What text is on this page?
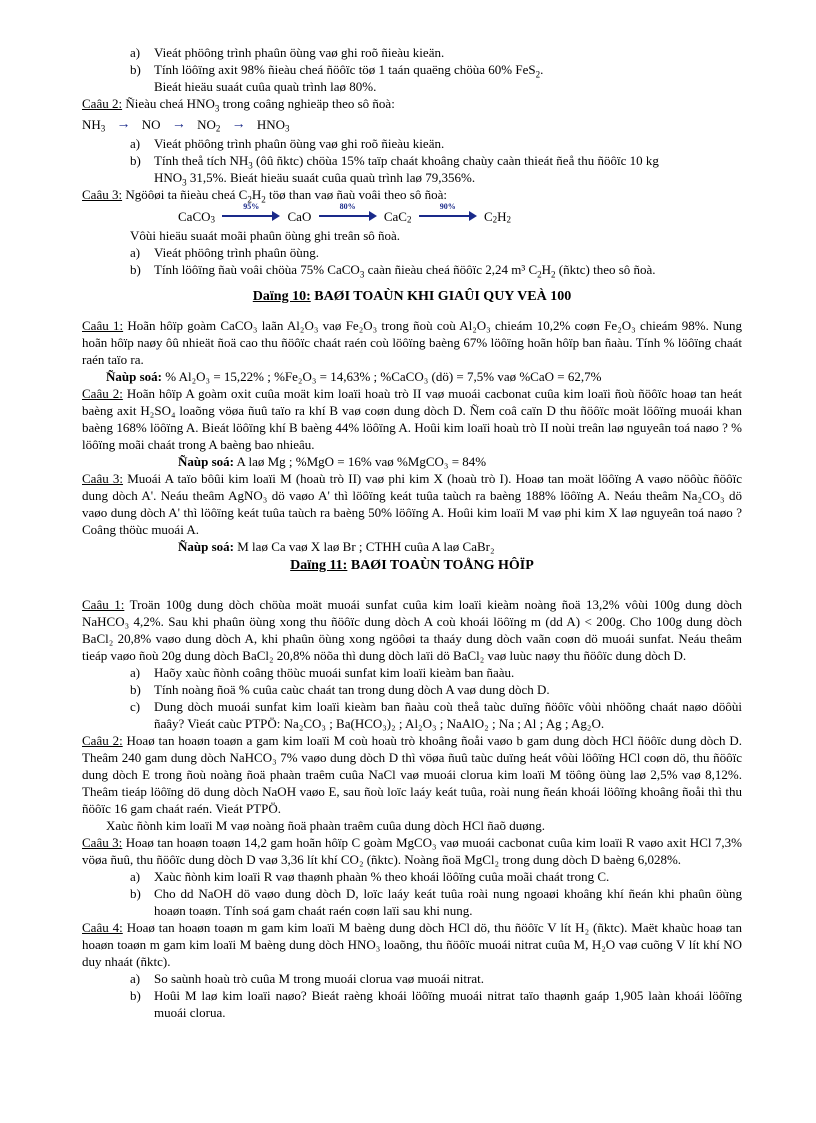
a) Vieát phöông trình phaûn öùng vaø ghi roõ ñieàu kieän.
b) Tính löôïng axit 98% ñieàu cheá ñöôïc töø 1 taán quaëng chöùa 60% FeS$_2$.
Bieát hieäu suaát cuûa quaù trình laø 80%.

Caâu 2: Ñieàu cheá $HNO_3$ trong coâng nghieäp theo sô ñoà:

$NH_3$ → NO → $NO_2 \to HNO_3$
a) Vieát phöông trình phaûn öùng vaø ghi roõ ñieàu kieän.
b) Tính theå tích $NH_3$ (ôû ñktc) chöùa 15% taïp chaát khoâng chaùy caàn thieát ñeå thu ñöôïc 10 kg
$HNO_3$ 31,5%. Bieát hieäu suaát cuûa quaù trình laø 79,356%.

Caâu 3: Ngöôøi ta ñieàu cheá $C_2H_2$ töø than vaø ñaù voâi theo sô ñoà:

CaCO$_3$
95%
CaO
80%
CaC$_2$
90%
$C_2H_2$

Vôùi hieäu suaát moãi phaûn öùng ghi treân sô ñoà.

a) Vieát phöông trình phaûn öùng.
b) Tính löôïng ñaù voâi chöùa 75% CaCO$_3$ caàn ñieàu cheá ñöôïc 2,24 m³ $C_2H_2$ (ñktc) theo sô ñoà.
Daïng 10: BAØI TOAÙN KHI GIAÛI QUY VEÀ 100

Caâu 1: Hoãn hôïp goàm CaCO₃ laãn Al₂O₃ vaø Fe₂O₃ trong ñoù coù Al₂O₃ chieám 10,2% coøn Fe₂O₃ chieám 98%. Nung hoãn hôïp naøy ôû nhieät ñoä cao thu ñöôïc chaát raén coù löôïng baèng 67% löôïng hoãn hôïp ban ñaàu. Tính % löôïng chaát raén taïo ra.

Ñaùp soá: % Al₂O₃ = 15,22% ; %Fe₂O₃ = 14,63% ; %CaCO₃ (dö) = 7,5% vaø %CaO = 62,7%

Caâu 2: Hoãn hôïp A goàm oxit cuûa moät kim loaïi hoaù trò II vaø muoái cacbonat cuûa kim loaïi ñoù ñöôïc hoaø tan heát baèng axit H₂SO₄ loaõng vöøa ñuû taïo ra khí B vaø coøn dung dòch D. Ñem coâ caïn D thu ñöôïc moät löôïng muoái khan baèng 168% löôïng A. Bieát löôïng khí B baèng 44% löôïng A. Hoûi kim loaïi hoaù trò II noùi treân laø nguyeân toá naøo ? % löôïng moãi chaát trong A baèng bao nhieâu.

Ñaùp soá: A laø Mg ; %MgO = 16% vaø %MgCO₃ = 84%

Caâu 3: Muoái A taïo bôûi kim loaïi M (hoaù trò II) vaø phi kim X (hoaù trò I). Hoaø tan moät löôïng A vaøo nöôùc ñöôïc dung dòch A'. Neáu theâm AgNO₃ dö vaøo A' thì löôïng keát tuûa taùch ra baèng 188% löôïng A. Neáu theâm Na₂CO₃ dö vaøo dung dòch A' thì löôïng keát tuûa taùch ra baèng 50% löôïng A. Hoûi kim loaïi M vaø phi kim X laø nguyeân toá naøo ? Coâng thöùc muoái A.

Ñaùp soá: M laø Ca vaø X laø Br ; CTHH cuûa A laø CaBr₂

Daïng 11: BAØI TOAÙN TOÅNG HÔÏP

Caâu 1: Troän 100g dung dòch chöùa moät muoái sunfat cuûa kim loaïi kieàm noàng ñoä 13,2% vôùi 100g dung dòch NaHCO₃ 4,2%. Sau khi phaûn öùng xong thu ñöôïc dung dòch A coù khoái löôïng m (dd A) < 200g. Cho 100g dung dòch BaCl₂ 20,8% vaøo dung dòch A, khi phaûn öùng xong ngöôøi ta thaáy dung dòch vaãn coøn dö muoái sunfat. Neáu theâm tieáp vaøo ñoù 20g dung dòch BaCl₂ 20,8% nöõa thì dung dòch laïi dö BaCl₂ vaø luùc naøy thu ñöôïc dung dòch D.

a) Haõy xaùc ñònh coâng thöùc muoái sunfat kim loaïi kieàm ban ñaàu.
b) Tính noàng ñoä % cuûa caùc chaát tan trong dung dòch A vaø dung dòch D.
c) Dung dòch muoái sunfat kim loaïi kieàm ban ñaàu coù theå taùc duïng ñöôïc vôùi nhöõng chaát naøo döôùi ñaây? Vieát caùc PTPÖ: Na₂CO₃ ; Ba(HCO₃)₂ ; Al₂O₃ ; NaAlO₂ ; Na ; Al ; Ag ; Ag₂O.

Caâu 2: Hoaø tan hoaøn toaøn a gam kim loaïi M coù hoaù trò khoâng ñoåi vaøo b gam dung dòch HCl ñöôïc dung dòch D. Theâm 240 gam dung dòch NaHCO₃ 7% vaøo dung dòch D thì vöøa ñuû taùc duïng heát vôùi löôïng HCl coøn dö, thu ñöôïc dung dòch E trong ñoù noàng ñoä phaàn traêm cuûa NaCl vaø muoái clorua kim loaïi M töông öùng laø 2,5% vaø 8,12%. Theâm tieáp löôïng dö dung dòch NaOH vaøo E, sau ñoù loïc laáy keát tuûa, roài nung ñeán khoái löôïng khoâng ñoåi thì thu ñöôïc 16 gam chaát raén. Vieát PTPÖ.

Xaùc ñònh kim loaïi M vaø noàng ñoä phaàn traêm cuûa dung dòch HCl ñaõ duøng.

Caâu 3: Hoaø tan hoaøn toaøn 14,2 gam hoãn hôïp C goàm MgCO₃ vaø muoái cacbonat cuûa kim loaïi R vaøo axit HCl 7,3% vöøa ñuû, thu ñöôïc dung dòch D vaø 3,36 lít khí CO₂ (ñktc). Noàng ñoä MgCl₂ trong dung dòch D baèng 6,028%.

a) Xaùc ñònh kim loaïi R vaø thaønh phaàn % theo khoái löôïng cuûa moãi chaát trong C.
b) Cho dd NaOH dö vaøo dung dòch D, loïc laáy keát tuûa roài nung ngoaøi khoâng khí ñeán khi phaûn öùng hoaøn toaøn. Tính soá gam chaát raén coøn laïi sau khi nung.

Caâu 4: Hoaø tan hoaøn toaøn m gam kim loaïi M baèng dung dòch HCl dö, thu ñöôïc V lít H₂ (ñktc). Maët khaùc hoaø tan hoaøn toaøn m gam kim loaïi M baèng dung dòch HNO₃ loaõng, thu ñöôïc muoái nitrat cuûa M, H₂O vaø cuõng V lít khí NO duy nhaát (ñktc).

a) So saùnh hoaù trò cuûa M trong muoái clorua vaø muoái nitrat.
b) Hoûi M laø kim loaïi naøo? Bieát raèng khoái löôïng muoái nitrat taïo thaønh gaáp 1,905 laàn khoái löôïng muoái clorua.
